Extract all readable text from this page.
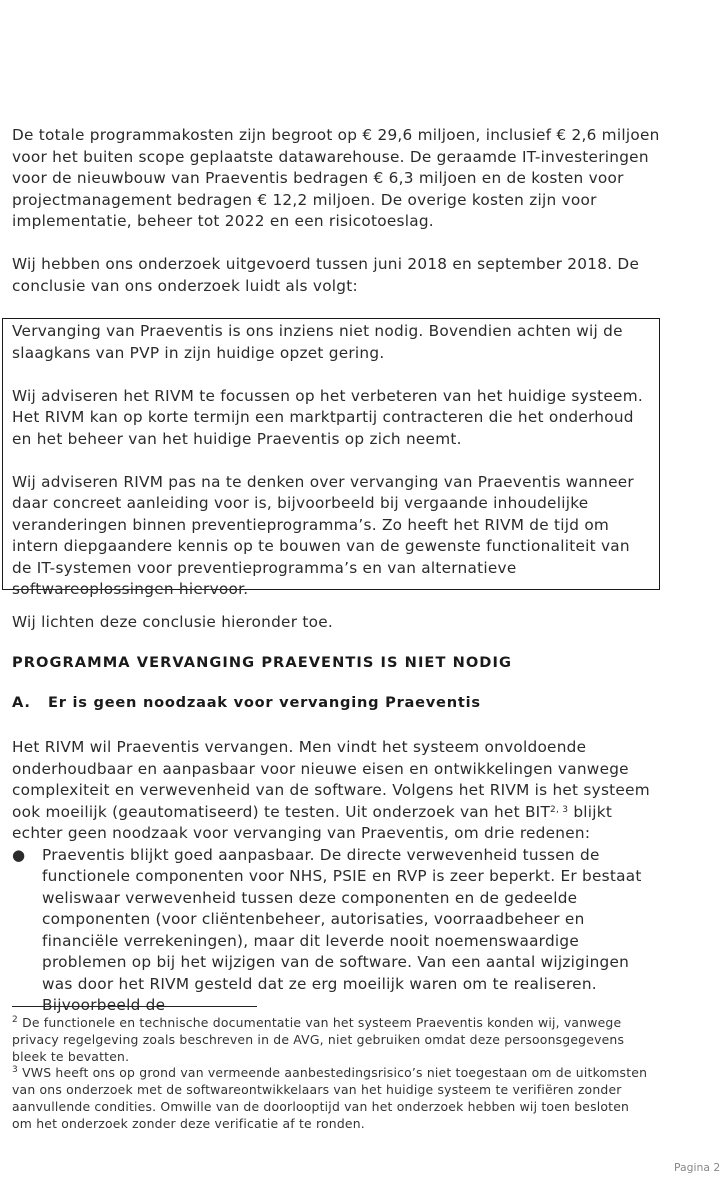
De totale programmakosten zijn begroot op € 29,6 miljoen, inclusief € 2,6 miljoen voor het buiten scope geplaatste datawarehouse. De geraamde IT-investeringen voor de nieuwbouw van Praeventis bedragen € 6,3 miljoen en de kosten voor projectmanagement bedragen € 12,2 miljoen. De overige kosten zijn voor implementatie, beheer tot 2022 en een risicotoeslag.

Wij hebben ons onderzoek uitgevoerd tussen juni 2018 en september 2018. De conclusie van ons onderzoek luidt als volgt:

Vervanging van Praeventis is ons inziens niet nodig. Bovendien achten wij de slaagkans van PVP in zijn huidige opzet gering.

Wij adviseren het RIVM te focussen op het verbeteren van het huidige systeem. Het RIVM kan op korte termijn een marktpartij contracteren die het onderhoud en het beheer van het huidige Praeventis op zich neemt.

Wij adviseren RIVM pas na te denken over vervanging van Praeventis wanneer daar concreet aanleiding voor is, bijvoorbeeld bij vergaande inhoudelijke veranderingen binnen preventieprogramma’s. Zo heeft het RIVM de tijd om intern diepgaandere kennis op te bouwen van de gewenste functionaliteit van de IT-systemen voor preventieprogramma’s en van alternatieve softwareoplossingen hiervoor.

Wij lichten deze conclusie hieronder toe.

PROGRAMMA VERVANGING PRAEVENTIS IS NIET NODIG
A. Er is geen noodzaak voor vervanging Praeventis

Het RIVM wil Praeventis vervangen. Men vindt het systeem onvoldoende onderhoudbaar en aanpasbaar voor nieuwe eisen en ontwikkelingen vanwege complexiteit en verwevenheid van de software. Volgens het RIVM is het systeem ook moeilijk (geautomatiseerd) te testen. Uit onderzoek van het BIT$^{2, 3}$ blijkt echter geen noodzaak voor vervanging van Praeventis, om drie redenen:

● Praeventis blijkt goed aanpasbaar. De directe verwevenheid tussen de functionele componenten voor NHS, PSIE en RVP is zeer beperkt. Er bestaat weliswaar verwevenheid tussen deze componenten en de gedeelde componenten (voor cliëntenbeheer, autorisaties, voorraadbeheer en financiële verrekeningen), maar dit leverde nooit noemenswaardige problemen op bij het wijzigen van de software. Van een aantal wijzigingen was door het RIVM gesteld dat ze erg moeilijk waren om te realiseren. Bijvoorbeeld de

$^2$ De functionele en technische documentatie van het systeem Praeventis konden wij, vanwege privacy regelgeving zoals beschreven in de AVG, niet gebruiken omdat deze persoonsgegevens bleek te bevatten.

$^3$ VWS heeft ons op grond van vermeende aanbestedingsrisico’s niet toegestaan om de uitkomsten van ons onderzoek met de softwareontwikkelaars van het huidige systeem te verifiëren zonder aanvullende condities. Omwille van de doorlooptijd van het onderzoek hebben wij toen besloten om het onderzoek zonder deze verificatie af te ronden.

Pagina 2
